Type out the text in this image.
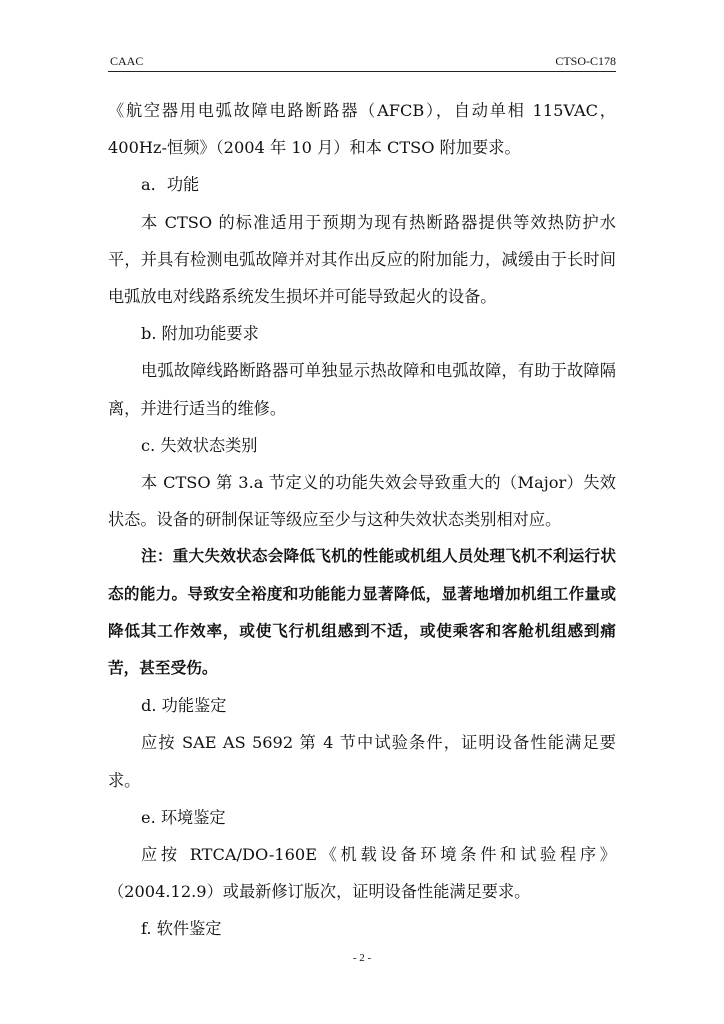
CAAC	CTSO-C178

《航空器用电弧故障电路断路器（AFCB），自动单相 115VAC，400Hz-恒频》（2004 年 10 月）和本 CTSO 附加要求。

a．功能

本 CTSO 的标准适用于预期为现有热断路器提供等效热防护水平，并具有检测电弧故障并对其作出反应的附加能力，减缓由于长时间电弧放电对线路系统发生损坏并可能导致起火的设备。

b. 附加功能要求

电弧故障线路断路器可单独显示热故障和电弧故障，有助于故障隔离，并进行适当的维修。

c. 失效状态类别

本 CTSO 第 3.a 节定义的功能失效会导致重大的（Major）失效状态。设备的研制保证等级应至少与这种失效状态类别相对应。

注：重大失效状态会降低飞机的性能或机组人员处理飞机不利运行状态的能力。导致安全裕度和功能能力显著降低，显著地增加机组工作量或降低其工作效率，或使飞行机组感到不适，或使乘客和客舱机组感到痛苦，甚至受伤。

d. 功能鉴定

应按 SAE AS 5692 第 4 节中试验条件，证明设备性能满足要求。

e. 环境鉴定

应按 RTCA/DO-160E《机载设备环境条件和试验程序》（2004.12.9）或最新修订版次，证明设备性能满足要求。

f. 软件鉴定

- 2 -
